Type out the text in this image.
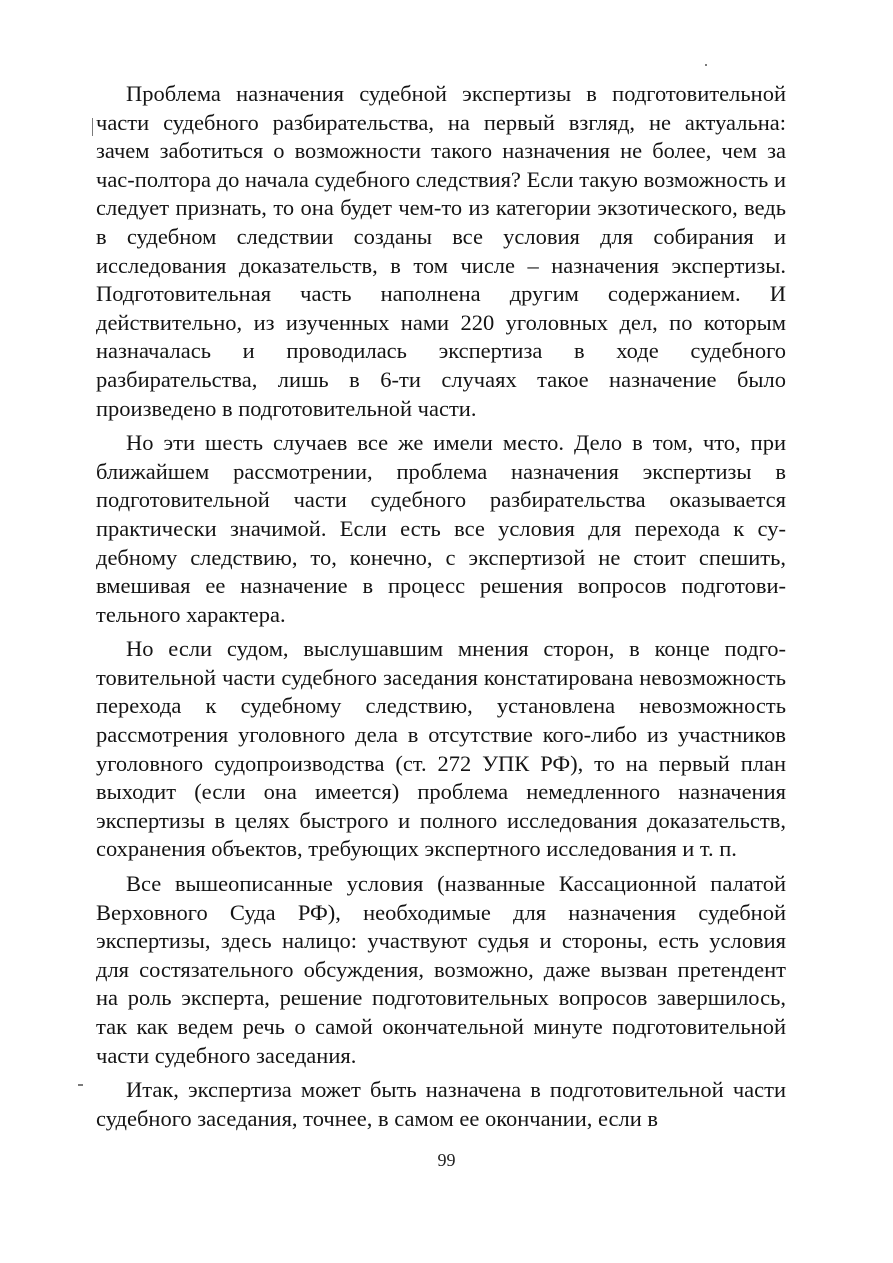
Проблема назначения судебной экспертизы в подготовительной части судебного разбирательства, на первый взгляд, не актуальна: зачем заботиться о возможности такого назначения не более, чем за час-полтора до начала судебного следствия? Если такую возможность и следует признать, то она будет чем-то из категории экзотического, ведь в судебном следствии созданы все условия для собирания и исследования доказательств, в том числе – назначения экспертизы. Подготовительная часть наполнена другим содержанием. И действительно, из изученных нами 220 уголовных дел, по которым назначалась и проводилась экспертиза в ходе судебного разбирательства, лишь в 6-ти случаях такое назначение было произведено в подготовительной части.

Но эти шесть случаев все же имели место. Дело в том, что, при ближайшем рассмотрении, проблема назначения экспертизы в подготовительной части судебного разбирательства оказывается практически значимой. Если есть все условия для перехода к судебному следствию, то, конечно, с экспертизой не стоит спешить, вмешивая ее назначение в процесс решения вопросов подготовительного характера.

Но если судом, выслушавшим мнения сторон, в конце подготовительной части судебного заседания констатирована невозможность перехода к судебному следствию, установлена невозможность рассмотрения уголовного дела в отсутствие кого-либо из участников уголовного судопроизводства (ст. 272 УПК РФ), то на первый план выходит (если она имеется) проблема немедленного назначения экспертизы в целях быстрого и полного исследования доказательств, сохранения объектов, требующих экспертного исследования и т. п.

Все вышеописанные условия (названные Кассационной палатой Верховного Суда РФ), необходимые для назначения судебной экспертизы, здесь налицо: участвуют судья и стороны, есть условия для состязательного обсуждения, возможно, даже вызван претендент на роль эксперта, решение подготовительных вопросов завершилось, так как ведем речь о самой окончательной минуте подготовительной части судебного заседания.

Итак, экспертиза может быть назначена в подготовительной части судебного заседания, точнее, в самом ее окончании, если в

99
